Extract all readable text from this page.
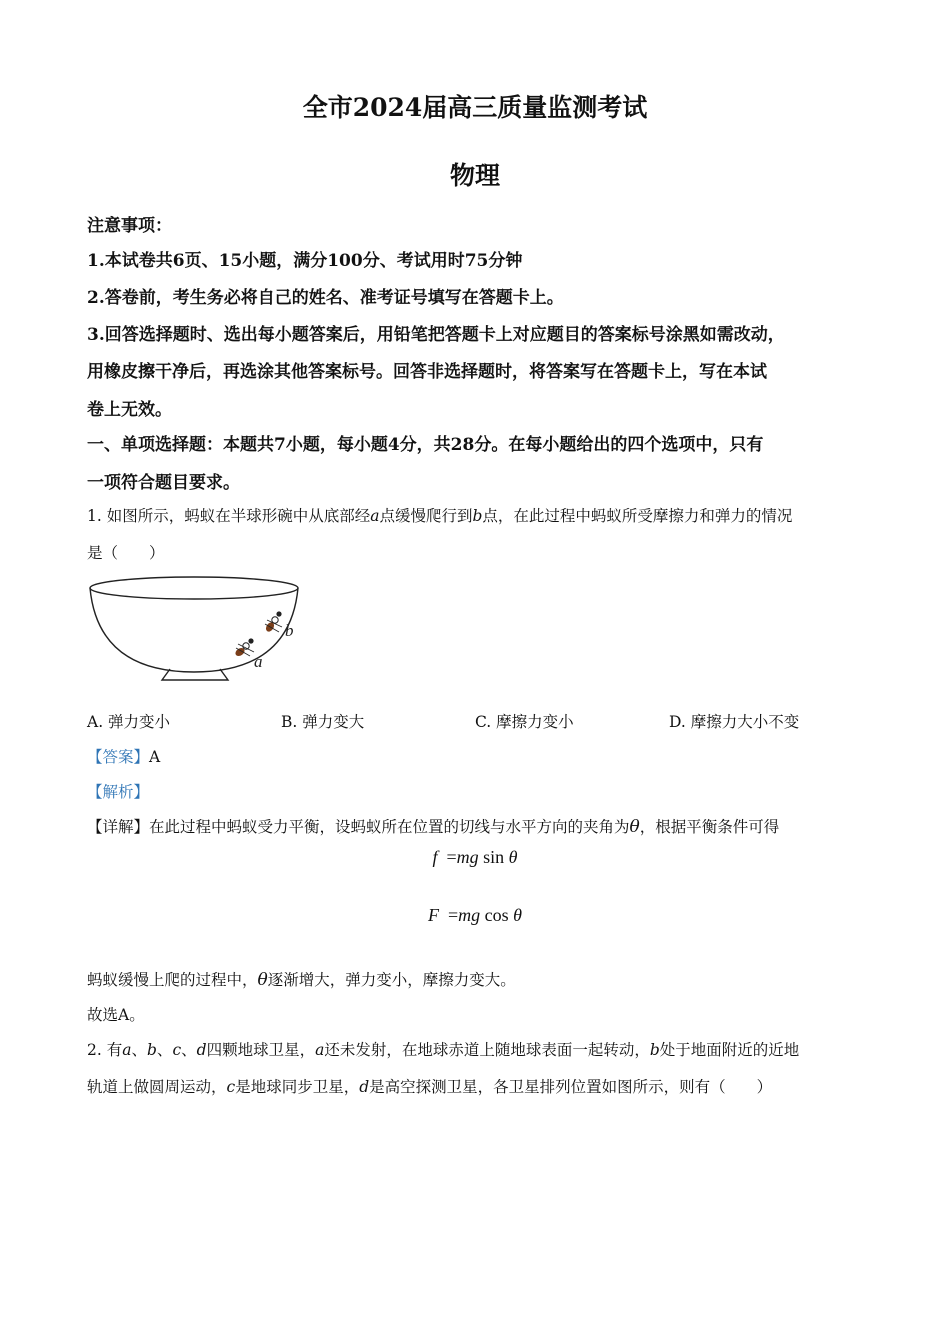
全市2024届高三质量监测考试
物理
注意事项：
1.本试卷共6页、15小题，满分100分、考试用时75分钟
2.答卷前，考生务必将自己的姓名、准考证号填写在答题卡上。
3.回答选择题时、选出每小题答案后，用铅笔把答题卡上对应题目的答案标号涂黑如需改动，
用橡皮擦干净后，再选涂其他答案标号。回答非选择题时，将答案写在答题卡上，写在本试
卷上无效。
一、单项选择题：本题共7小题，每小题4分，共28分。在每小题给出的四个选项中，只有
一项符合题目要求。
1. 如图所示，蚂蚁在半球形碗中从底部经a点缓慢爬行到b点，在此过程中蚂蚁所受摩擦力和弹力的情况
是（　　）
a
b
A. 弹力变小	B. 弹力变大	C. 摩擦力变小	D. 摩擦力大小不变
【答案】A
【解析】
【详解】在此过程中蚂蚁受力平衡，设蚂蚁所在位置的切线与水平方向的夹角为θ，根据平衡条件可得
f =mg sin θ
F =mg cos θ
蚂蚁缓慢上爬的过程中，θ逐渐增大，弹力变小，摩擦力变大。
故选A。
2. 有a、b、c、d四颗地球卫星，a还未发射，在地球赤道上随地球表面一起转动，b处于地面附近的近地
轨道上做圆周运动，c是地球同步卫星，d是高空探测卫星，各卫星排列位置如图所示，则有（　　）
